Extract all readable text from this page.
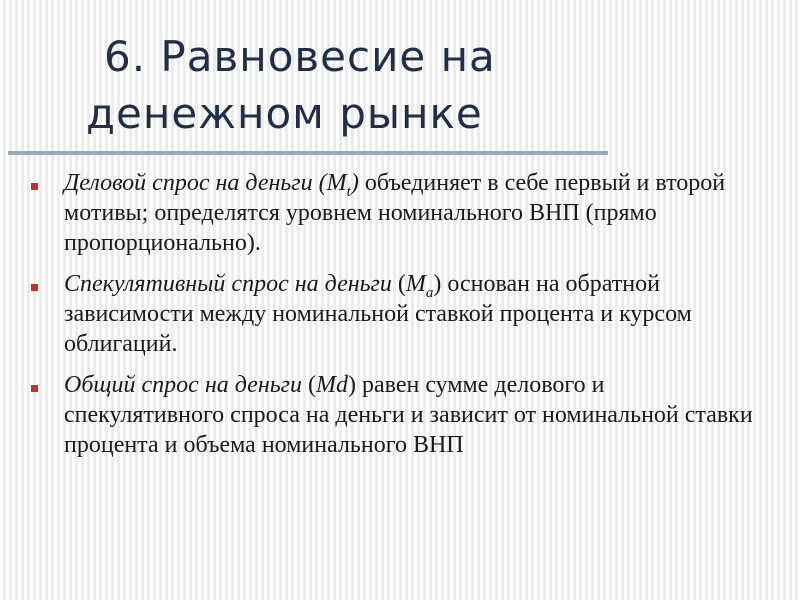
6. Равновесие на
денежном рынке
Деловой спрос на деньги $(М_t)$ объединяет в себе первый и второй мотивы; определятся уровнем номинального ВНП (прямо пропорционально).
Спекулятивный спрос на деньги $(М_а)$ основан на обратной зависимости между номинальной ставкой процента и курсом облигаций.
Общий спрос на деньги (Md) равен сумме делового и спекулятивного спроса на деньги и зависит от номинальной ставки процента и объема номинального ВНП
